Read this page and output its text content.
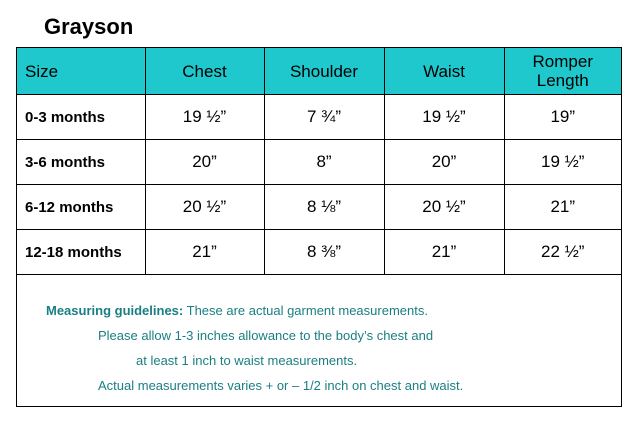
Grayson
Size	Chest	Shoulder	Waist	Romper Length
0-3 months	19 ½”	7 ¾”	19 ½”	19”
3-6 months	20”	8”	20”	19 ½”
6-12 months	20 ½”	8 ⅛”	20 ½”	21”
12-18 months	21”	8 ⅜”	21”	22 ½”
Measuring guidelines: These are actual garment measurements.
Please allow 1-3 inches allowance to the body’s chest and
at least 1 inch to waist measurements.
Actual measurements varies + or – 1/2 inch on chest and waist.
